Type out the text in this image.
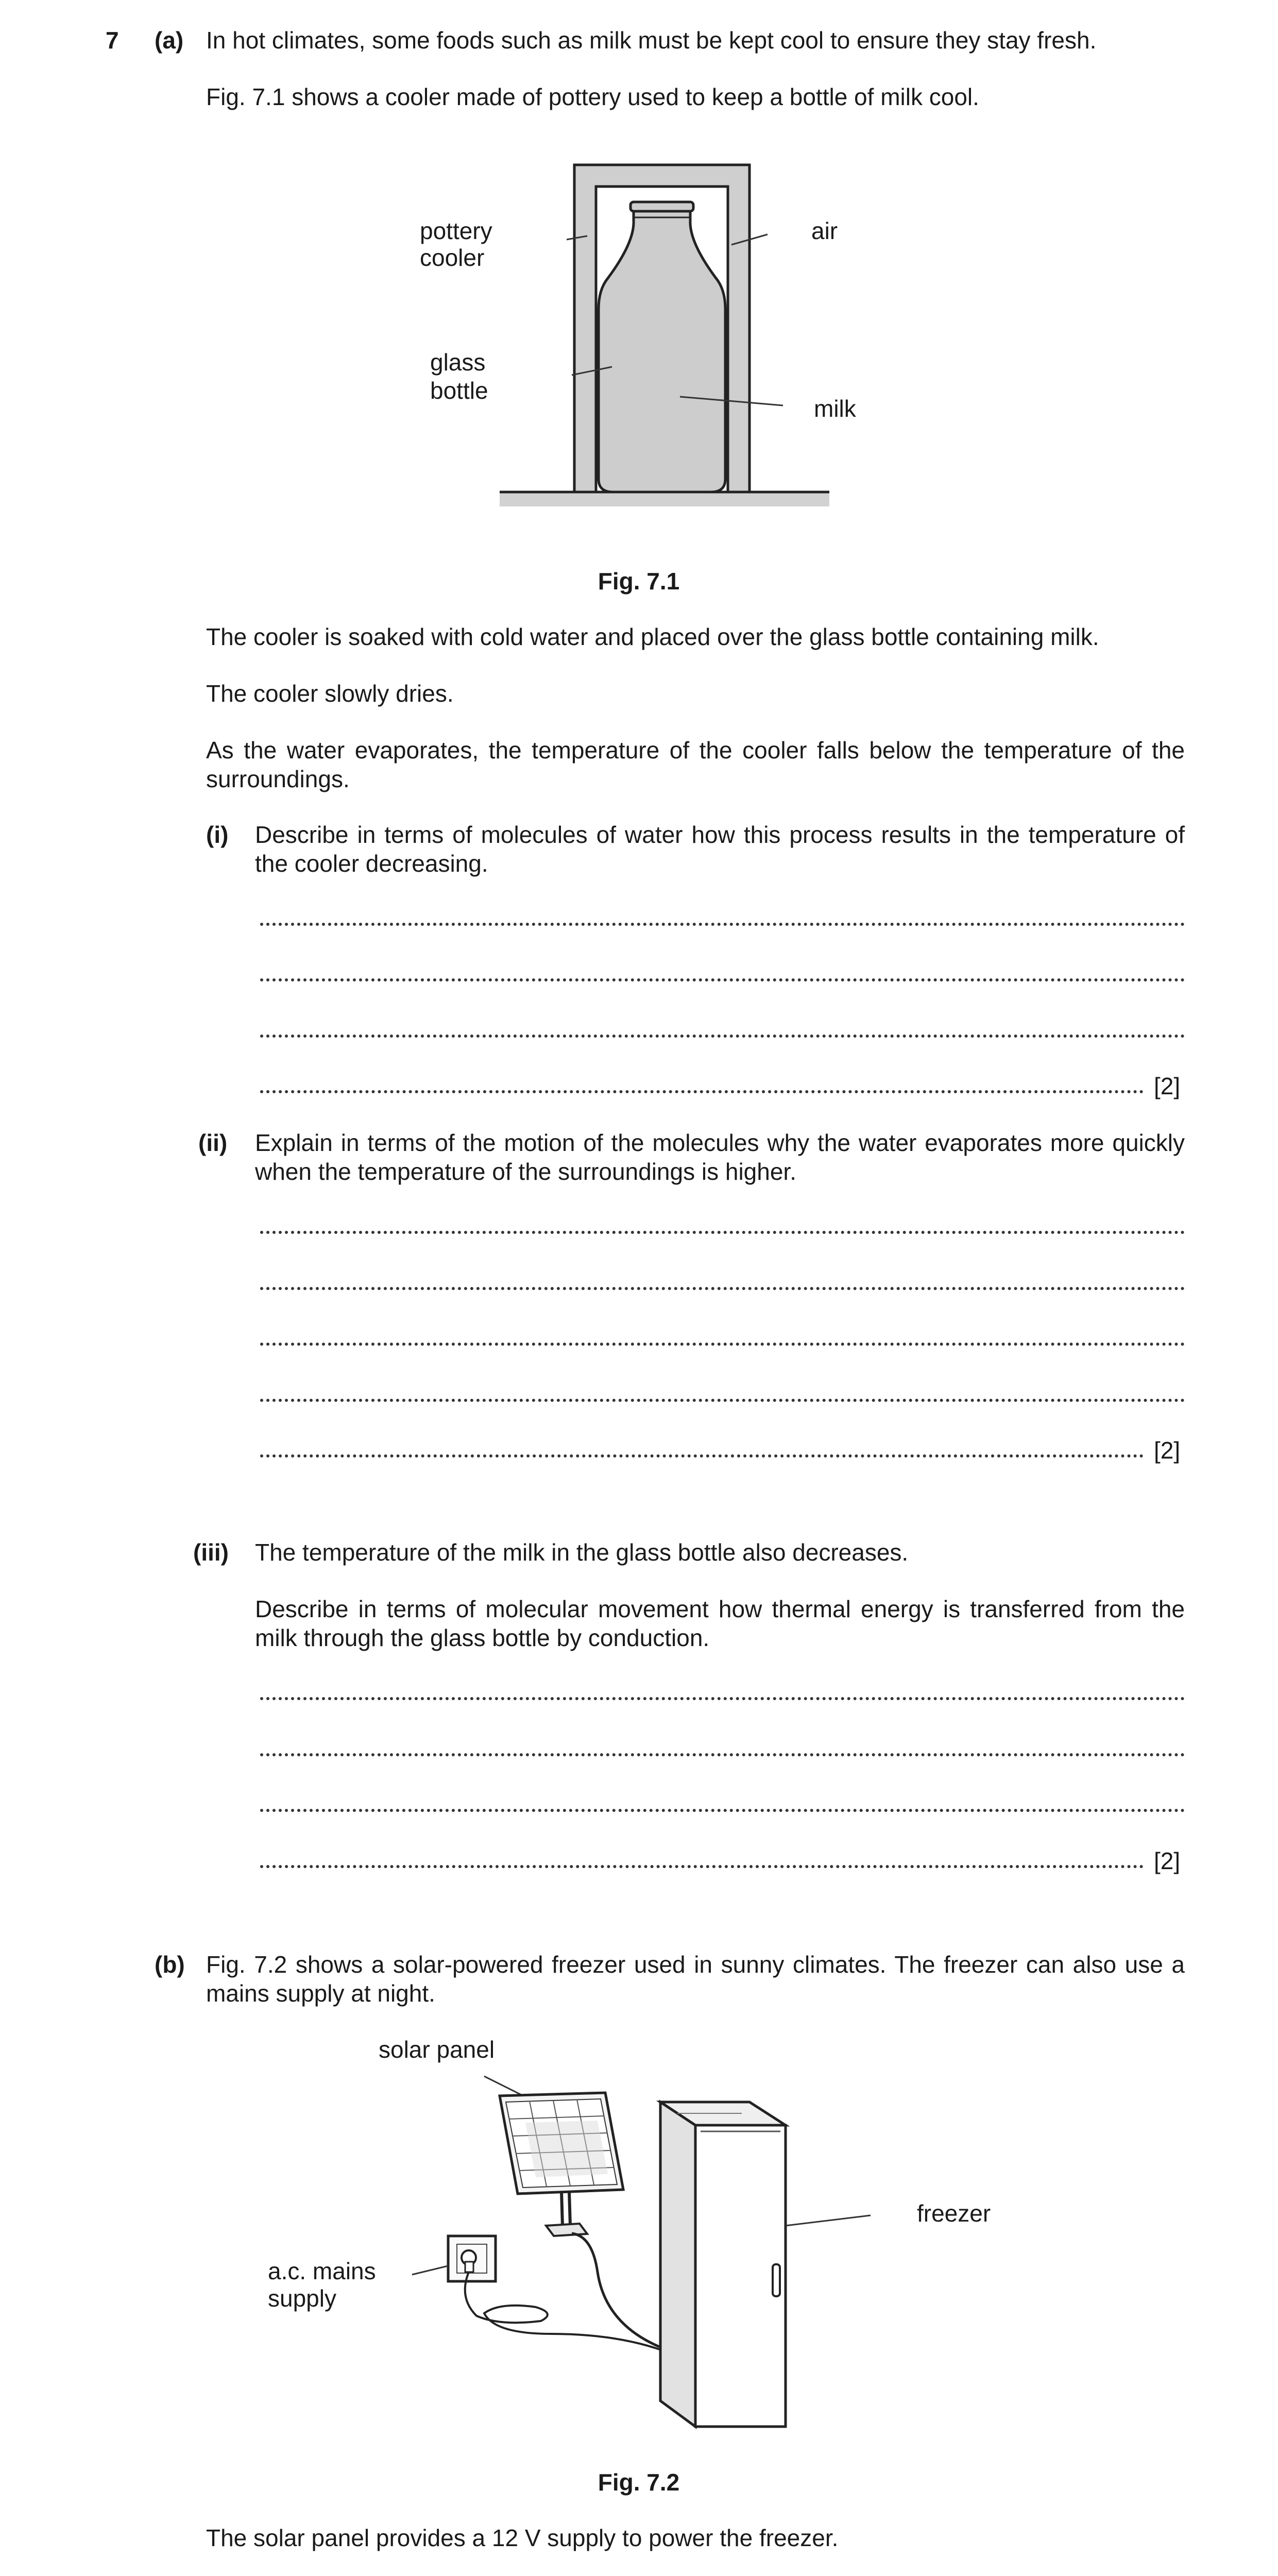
7 (a) In hot climates, some foods such as milk must be kept cool to ensure they stay fresh.
Fig. 7.1 shows a cooler made of pottery used to keep a bottle of milk cool.
pottery
cooler
air
glass
bottle
milk
Fig. 7.1
The cooler is soaked with cold water and placed over the glass bottle containing milk.
The cooler slowly dries.
As the water evaporates, the temperature of the cooler falls below the temperature of the surroundings.
(i) Describe in terms of molecules of water how this process results in the temperature of the cooler decreasing.
[2]
(ii) Explain in terms of the motion of the molecules why the water evaporates more quickly when the temperature of the surroundings is higher.
[2]
(iii) The temperature of the milk in the glass bottle also decreases.
Describe in terms of molecular movement how thermal energy is transferred from the milk through the glass bottle by conduction.
[2]
(b) Fig. 7.2 shows a solar-powered freezer used in sunny climates. The freezer can also use a mains supply at night.
solar panel
freezer
a.c. mains
supply
Fig. 7.2
The solar panel provides a 12 V supply to power the freezer.
